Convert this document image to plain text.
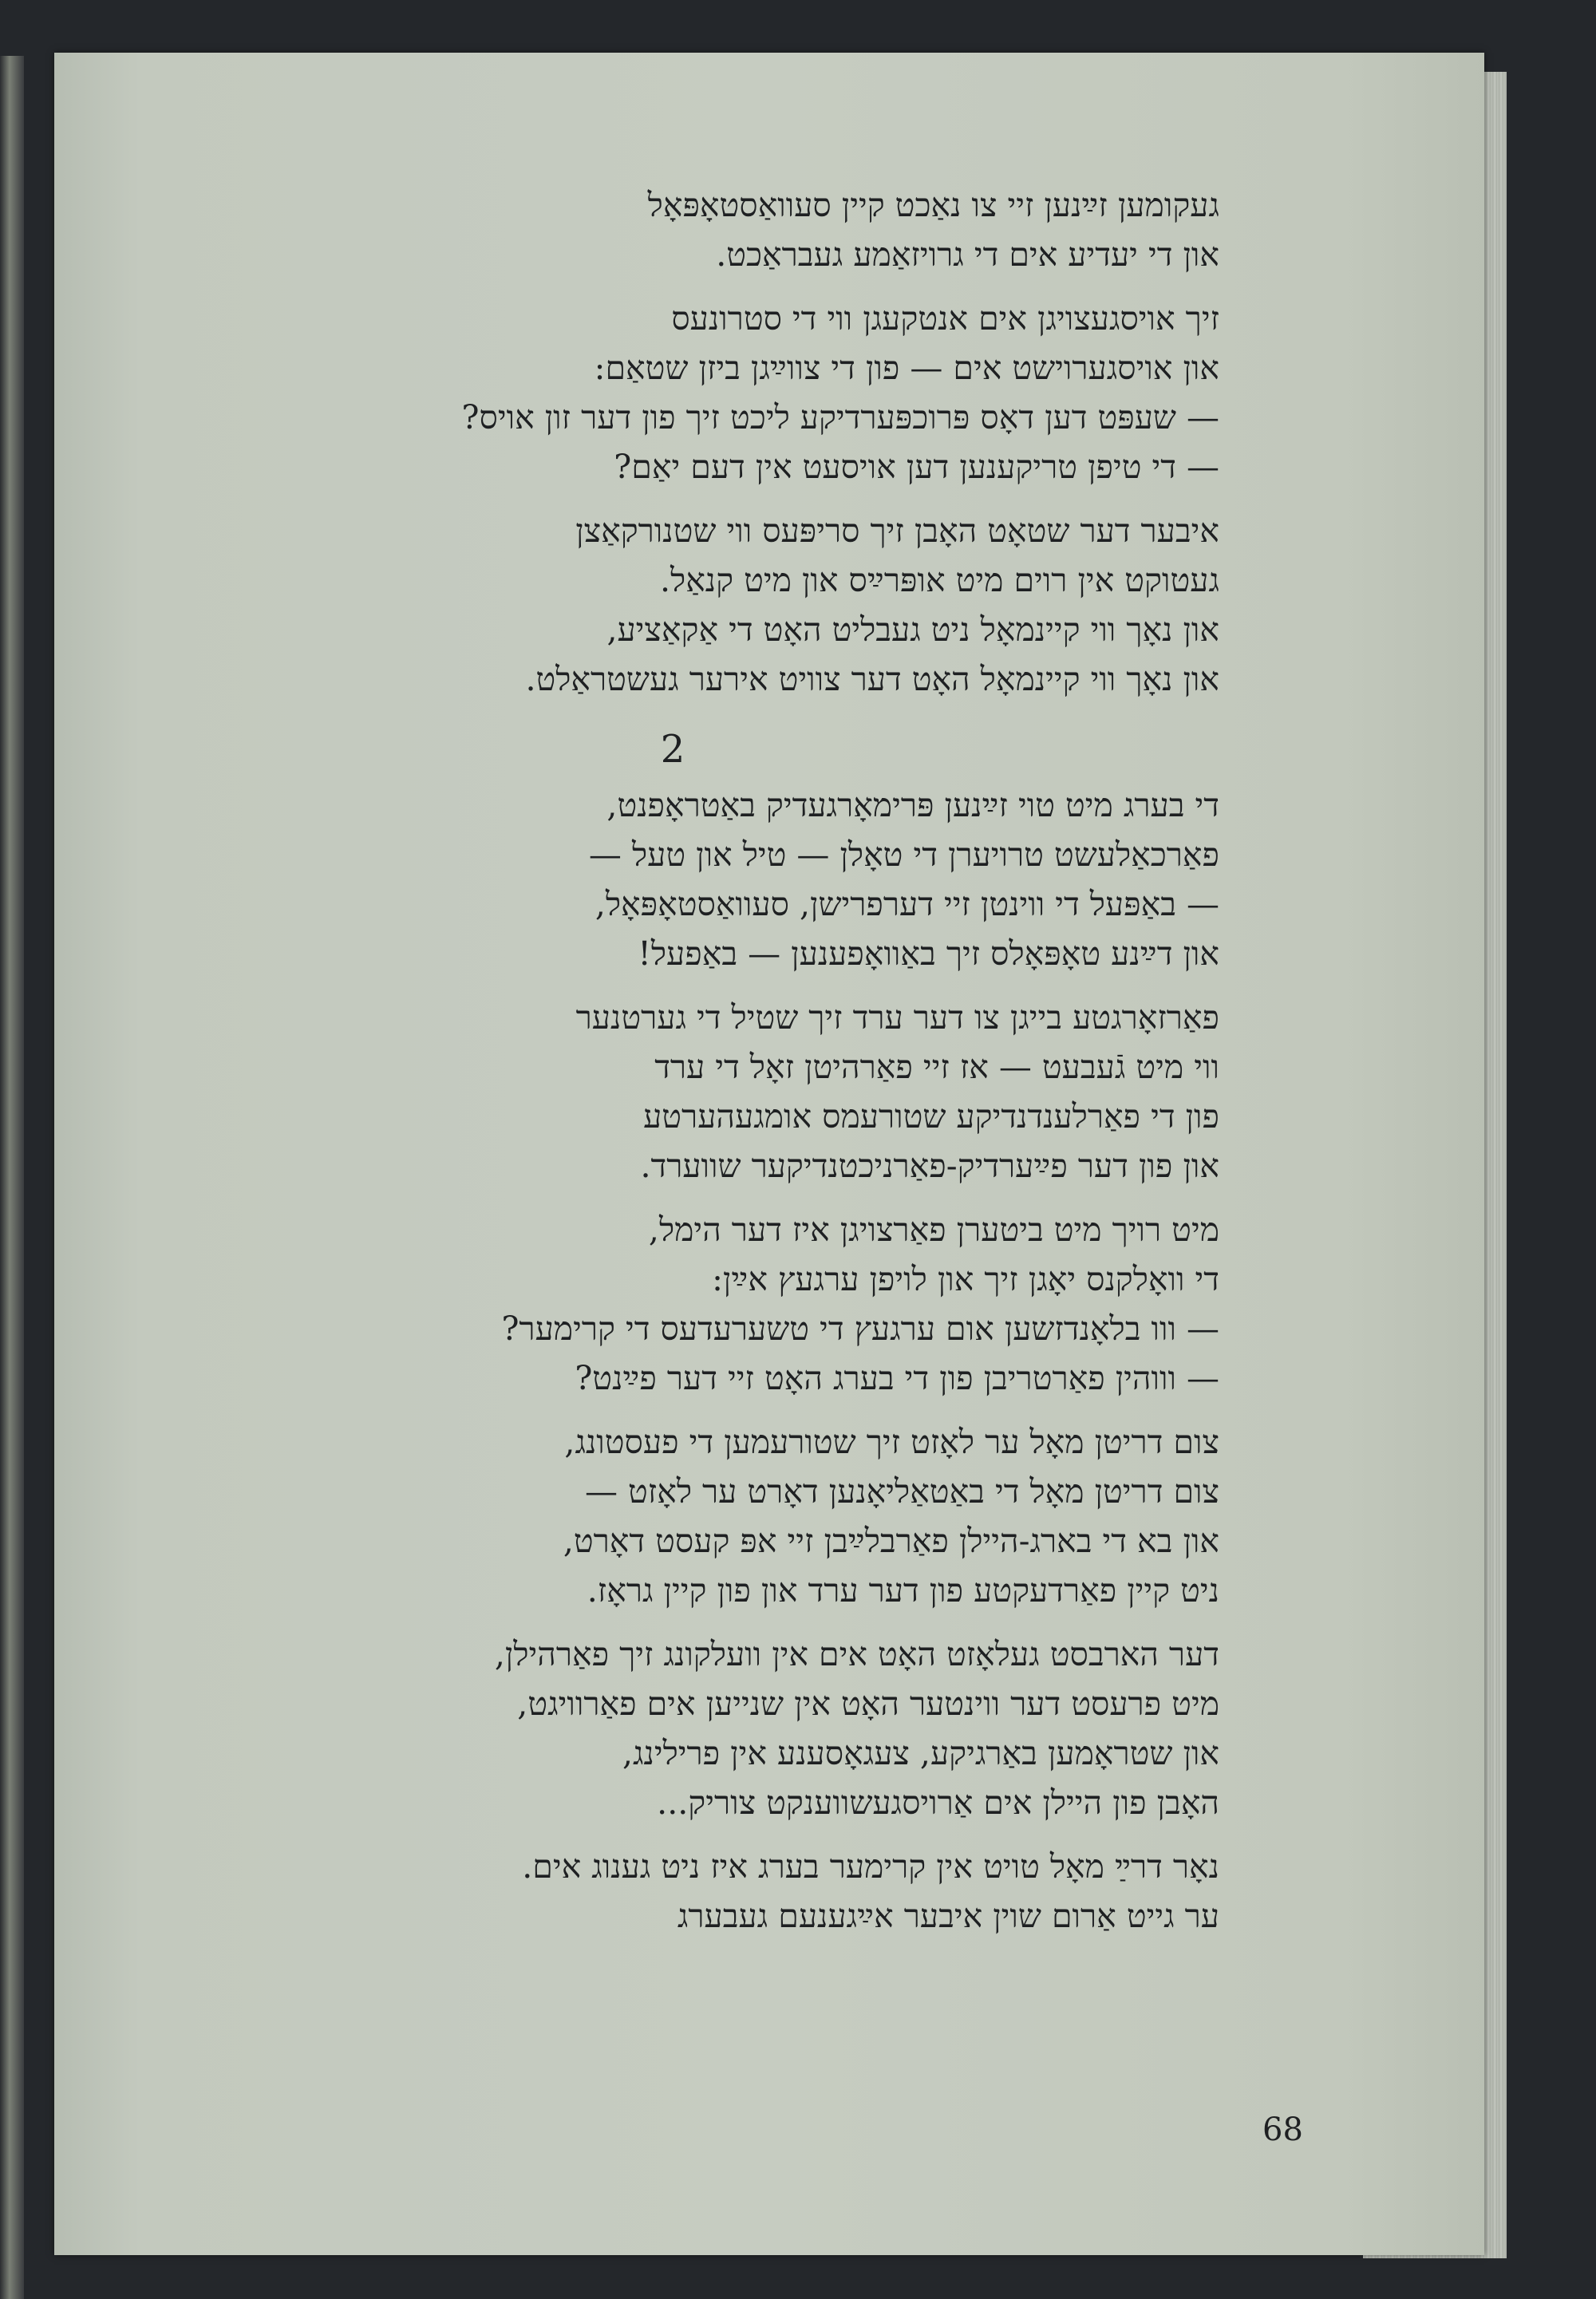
געקומען זײַנען זיי צו נאַכט קיין סעוואַסטאָפּאָל
און די יעדיע אים די גרויזאַמע געבראַכט.
זיך אויסגעצויגן אים אנטקעגן ווי די סטרונעס
און אויסגערוישט אים — פון די צווײַגן ביזן שטאַם:
— שעפּט דען דאָס פּרוכפּערדיקע ליכט זיך פון דער זון אויס?
— די טיפן טריקענען דען אויסעט אין דעם יאַם?
איבער דער שטאָט האָבן זיך סריפּעס ווי שטנורקאַצן
געטוקט אין רוים מיט אופּרײַס און מיט קנאַל.
און נאָך ווי קיינמאָל ניט געבליט האָט די אַקאַציע,
און נאָך ווי קיינמאָל האָט דער צוויט אירער געשטראַלט.
2
די בערג מיט טוי זײַנען פּרימאָרגעדיק באַטראָפנט,
פאַרכאַלעשט טרויערן די טאָלן — טיל און טעל —
— באַפּעל די ווינטן זיי דערפרישן, סעוואַסטאָפּאָל,
און דײַנע טאָפּאָלס זיך באַוואָפענען — באַפעל!
פאַרזאָרגטע בייגן צו דער ערד זיך שטיל די גערטנער
ווי מיט גֿעבעט — אז זיי פאַרהיטן זאָל די ערד
פון די פאַרלענדנדיקע שטורעמס אומגעהערטע
און פון דער פײַערדיק-פאַרניכטנדיקער שווערד.
מיט רויך מיט ביטערן פאַרצויגן איז דער הימל,
די וואָלקנס יאָגן זיך און לויפן ערגעץ אײַן:
— ווו בלאָנדזשען אום ערגעץ די טשערעדעס די קרימער?
— וווהין פאַרטריבן פון די בערג האָט זיי דער פײַנט?
צום דריטן מאָל ער לאָזט זיך שטורעמען די פעסטונג,
צום דריטן מאָל די באַטאַליאָנען דאָרט ער לאָזט —
און בא די בארג-היילן פאַרבלײַבן זיי אפּ קעסט דאָרט,
ניט קיין פאַרדעקטע פון דער ערד און פון קיין גראָז.
דער הארבסט געלאָזט האָט אים אין וועלקונג זיך פאַרהילן,
מיט פרעסט דער ווינטער האָט אין שנייען אים פאַרוויגט,
און שטראָמען באַרגיקע, צעגאָסענע אין פרילינג,
האָבן פון היילן אים אַרויסגעשווענקט צוריק...
נאָר דרײַ מאָל טויט אין קרימער בערג איז ניט גענוג אים.
ער גייט אַרום שוין איבער אײַגענעם געבערג
68
